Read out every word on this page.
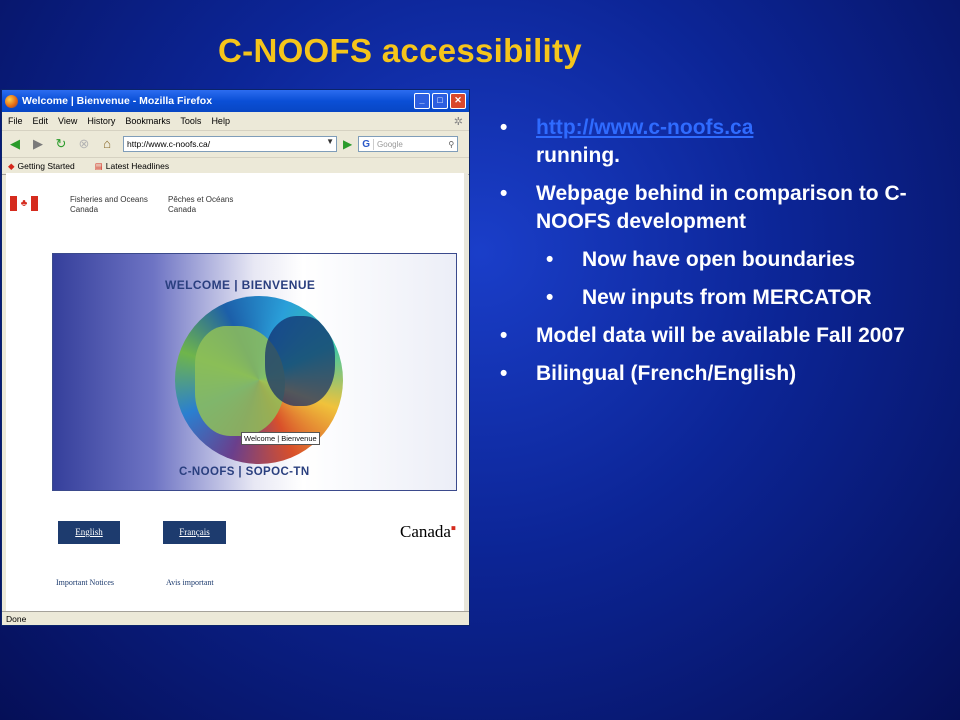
C-NOOFS accessibility
Welcome | Bienvenue - Mozilla Firefox	_	□	✕
File Edit View History Bookmarks Tools Help	✲
◀	▶ ↻ ⊗	⌂	http://www.c-noofs.ca/	▼ ▶	G Google	⚲
◆ Getting Started	▤ Latest Headlines
♣	Fisheries and Oceans Canada
Pêches et Océans Canada
WELCOME | BIENVENUE
Welcome | Bienvenue
C-NOOFS | SOPOC-TN
English	Français	Canada■
Important Notices	Avis important
Done
• http://www.c-noofs.ca
running.
• Webpage behind in comparison to C-NOOFS development
• Now have open boundaries
• New inputs from MERCATOR
• Model data will be available Fall 2007
• Bilingual (French/English)
